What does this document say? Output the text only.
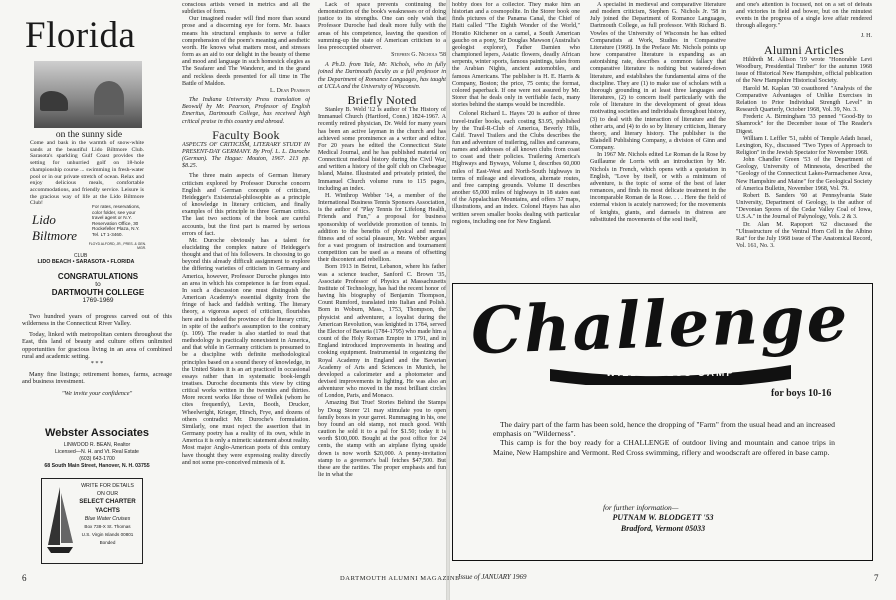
Florida
on the sunny side
Come and bask in the warmth of snow-white sands at the beautiful Lido Biltmore Club. Sarasota's sparkling Gulf Coast provides the setting for unhurried golf on 18-hole championship course ... swimming in fresh-water pool or in our private stretch of ocean. Relax and enjoy delicious meals, comfortable accommodations, and friendly service. Leisure is the gracious way of life at the Lido Biltmore Club!
For rates, reservations, color folder, see your travel agent or N.Y. Reservation Office, 30 Rockefeller Plaza, N.Y. Tel. LT 1-3460.
FLOYD ALFORD, JR., PRES. & GEN. MGR.
Lido Biltmore
CLUB
LIDO BEACH • SARASOTA • FLORIDA
CONGRATULATIONS
to
DARTMOUTH COLLEGE
1769-1969

Two hundred years of progress carved out of this wilderness in the Connecticut River Valley.

Today, linked with metropolitan centers throughout the East, this land of beauty and culture offers unlimited opportunities for gracious living in an area of combined rural and academic setting.

* * *

Many fine listings; retirement homes, farms, acreage and business investment.

"We invite your confidence"
Webster Associates
LINWOOD R. BEAN, Realtor
Licensed—N. H. and Vt. Real Estate
(603) 643-1700
68 South Main Street, Hanover, N. H. 03755
WRITE FOR DETAILS
ON OUR
SELECT CHARTER
YACHTS
Blue Water Cruises
Box 738-X St. Thomas
U.S. Virgin Islands 00801
Bonded

conscious artists versed in metrics and all the subtleties of form.

Our imagined reader will find more than sound prose and a discerning eye for form. Mr. Isaacs means his structural emphasis to serve a fuller comprehension of the poem's meaning and aesthetic worth. He knows what matters most, and stresses form as an aid to our delight in the beauty of theme and mood and language in such homesick elegies as The Seafarer and The Wanderer, and in the grand and reckless deeds presented for all time in The Battle of Maldon.

L. Dean Pearson

The Indiana University Press translation of Beowulf by Mr. Pearson, Professor of English Emeritus, Dartmouth College, has received high critical praise in this country and abroad.

Faculty Book

ASPECTS OF CRITICISM, LITERARY STUDY IN PRESENT-DAY GERMANY. By Prof. L. L. Duroche (German). The Hague: Mouton, 1967. 213 pp. $8.25.

The three main aspects of German literary criticism explored by Professor Duroche concern English and German concepts of criticism, Heidegger's Existenzial-philosophie as a principle of knowledge in literary criticism, and finally examples of this principle in three German critics. The last two sections of the book are careful accounts, but the first part is marred by serious errors of fact.

Mr. Duroche obviously has a talent for elucidating the complex nature of Heidegger's thought and that of his followers. In choosing to go beyond this already difficult assignment to explore the differing varieties of criticism in Germany and America, however, Professor Duroche plunges into an area in which his competence is far from equal. In such a discussion one must distinguish the American Academy's essential dignity from the fringe of hack and faddish writing. The literary theory, a vigorous aspect of criticism, flourishes here and is indeed the province of the literary critic, in spite of the author's assumption to the contrary (p. 109). The reader is also startled to read that methodology is practically nonexistent in America, and that while in Germany criticism is presumed to be a discipline with definite methodological principles based on a sound theory of knowledge, in the United States it is an art practiced in occasional essays rather than in systematic book-length treatises. Duroche documents this view by citing critical works written in the twenties and thirties. More recent works like those of Wellek (whom he cites frequently), Levin, Booth, Drucker, Wheelwright, Krieger, Hirsch, Frye, and dozens of others contradict Mr. Duroche's formulation. Similarly, one must reject the assertion that in Germany poetry has a reality of its own, while in America it is only a mimetic statement about reality. Most major Anglo-American poets of this century have thought they were expressing reality directly and not some pre-conceived mimesis of it.

Lack of space prevents continuing the demonstration of the book's weaknesses or of doing justice to its strengths. One can only wish that Professor Duroche had dealt more fully with the areas of his competence, leaving the question of summing-up the state of American criticism to a less preoccupied observer.

Stephen G. Nichols '58

A Ph.D. from Yale, Mr. Nichols, who in fully joined the Dartmouth faculty as a full professor in the Department of Romance Languages, has taught at UCLA and the University of Wisconsin.

Briefly Noted

Stanley B. Weld '12 is author of The History of Immanuel Church (Hartford, Conn.) 1824-1967. A recently retired physician, Dr. Weld for many years has been an active layman in the church and has achieved some prominence as a writer and editor. For 20 years he edited the Connecticut State Medical Journal, and he has published material on Connecticut medical history during the Civil War, and written a history of the golf club on Chebeague Island, Maine. Illustrated and privately printed, the Immanuel Church volume runs to 115 pages, including an index.

H. Winthrop Webber '14, a member of the International Business Tennis Sponsors Association, is the author of "Play Tennis for Lifelong Health, Friends and Fun," a proposal for business sponsorship of worldwide promotion of tennis. In addition to the benefits of physical and mental fitness and of social pleasure, Mr. Webber argues for a vast program of instruction and tournament competition can be used as a means of offsetting their discontent and rebellion.

Born 1913 in Beirut, Lebanon, where his father was a science teacher, Sanford C. Brown '35, Associate Professor of Physics at Massachusetts Institute of Technology, has had the recent honor of having his biography of Benjamin Thompson, Count Rumford, translated into Italian and Polish. Born in Woburn, Mass., 1753, Thompson, the physicist and adventurer, a loyalist during the American Revolution, was knighted in 1784, served the Elector of Bavaria (1784-1795) who made him a count of the Holy Roman Empire in 1791, and in England introduced improvements in heating and cooking equipment. Instrumental in organizing the Royal Academy in England and the Bavarian Academy of Arts and Sciences in Munich, he developed a calorimeter and a photometer and devised improvements in lighting. He was also an adventurer who moved in the most brilliant circles of London, Paris, and Monaco.

Amazing But True! Stories Behind the Stamps by Doug Storer '21 may stimulate you to open family boxes in your garret. Rummaging in his, one boy found an old stamp, not much good. With caution he sold it to a pal for $1.50; today it is worth $100,000. Bought at the post office for 24 cents, the stamp with an airplane flying upside down is now worth $20,000. A penny-invitation stamp to a governor's ball fetches $47,500. But these are the rarities. The proper emphasis and fun lie in what the

6

hobby does for a collector. They make him an historian and a cosmopolite. In the Storer book one finds pictures of the Panama Canal, the Chief of Haiti called "The Eighth Wonder of the World," Horatio Kitchener on a camel, a South American gaucho on a pony, Sir Douglas Mawson (Australia's geologist explorer), Father Damien who championed lepers, Asiatic flowers, deadly African serpents, winter sports, famous paintings, tales from the Arabian Nights, ancient automobiles, and famous Americans. The publisher is H. E. Harris & Company, Boston; the price, 75 cents; the format, colored paperback. If one were not assured by Mr. Storer that he deals only in verifiable facts, many stories behind the stamps would be incredible.

Colonel Richard L. Hayes '20 is author of three travel-trailer books, each costing $3.95, published by the Trail-R-Club of America, Beverly Hills, Calif. Travel Trailers and the Clubs describes the fun and adventure of trailering, rallies and caravans, names and addresses of all known clubs from coast to coast and their policies. Trailering America's Highways and Byways, Volume I, describes 60,000 miles of East-West and North-South highways in terms of mileage and elevations, alternate routes, and free camping grounds. Volume II describes another 65,000 miles of highways in 18 states east of the Appalachian Mountains, and offers 37 maps, illustrations, and an index. Colonel Hayes has also written seven smaller books dealing with particular regions, including one for New England.

A specialist in medieval and comparative literature and modern criticism, Stephen G. Nichols Jr. '58 in July joined the Department of Romance Languages, Dartmouth College, as full professor. With Richard B. Vowles of the University of Wisconsin he has edited Comparatists at Work, Studies in Comparative Literature (1968). In the Preface Mr. Nichols points up how comparative literature is expanding as an astonishing rate, describes a common fallacy that comparative literature is nothing but watered-down literature, and establishes the fundamental aims of the discipline. They are (1) to make use of scholars with a thorough grounding in at least three languages and literatures, (2) to concern itself particularly with the role of literature in the development of great ideas motivating societies and individuals throughout history, (3) to deal with the interaction of literature and the other arts, and (4) to do so by literary criticism, literary theory, and literary history. The publisher is the Blaisdell Publishing Company, a division of Ginn and Company.

In 1967 Mr. Nichols edited Le Roman de la Rose by Guillaume de Lorris with an introduction by Mr. Nichols in French, which opens with a quotation in English, "Love by itself, or with a minimum of adventure, is the topic of some of the best of later romances, and finds its most delicate treatment in the incomparable Roman de la Rose. . . . Here the field of external vision is acutely narrowed; for the movements of knights, giants, and damsels in distress are substituted the movements of the soul itself,

and one's attention is focused, not on a set of defeats and victories in field and bower, but on the minutest events in the progress of a single love affair rendered through allegory."

J. H.
Alumni Articles

Hildreth M. Allison '19 wrote "Honorable Levi Woodbury, Presidential Timber" for the autumn 1968 issue of Historical New Hampshire, official publication of the New Hampshire Historical Society.

Harold M. Kaplan '30 coauthored "Analysis of the Comparative Advantages of Unlike Exercises in Relation to Prior Individual Strength Level" in Research Quarterly, October 1968, Vol. 39, No. 3.

Frederic A. Birmingham '33 penned "Good-By to Shamrock" for the December issue of The Reader's Digest.

William I. Leffler '51, rabbi of Temple Adath Israel, Lexington, Ky., discussed "Two Types of Approach to Religion" in the Jewish Spectator for November 1968.

John Chandler Green '53 of the Department of Geology, University of Minnesota, described the "Geology of the Connecticut Lakes-Parmachenee Area, New Hampshire and Maine" for the Geological Society of America Bulletin, November 1968, Vol. 79.

Robert B. Sanders '60 at Pennsylvania State University, Department of Geology, is the author of "Devonian Spores of the Cedar Valley Coal of Iowa, U.S.A." in the Journal of Palynology, Vols. 2 & 3.

Dr. Alan M. Rapoport '62 discussed the "Ultrastructure of the Ventral Horn Cell in the Albino Rat" for the July 1968 issue of The Anatomical Record, Vol. 161, No. 3.

Challenge
WILDERNESS CAMP
for boys 10-16

The dairy part of the farm has been sold, hence the dropping of "Farm" from the usual head and an increased emphasis on "Wilderness".

This camp is for the boy ready for a CHALLENGE of outdoor living and mountain and canoe trips in Maine, New Hampshire and Vermont. Red Cross swimming, riflery and woodscraft are offered in base camp.

for further information—
PUTNAM W. BLODGETT '53
Bradford, Vermont 05033
Issue of JANUARY 1969	7
DARTMOUTH ALUMNI MAGAZINE
